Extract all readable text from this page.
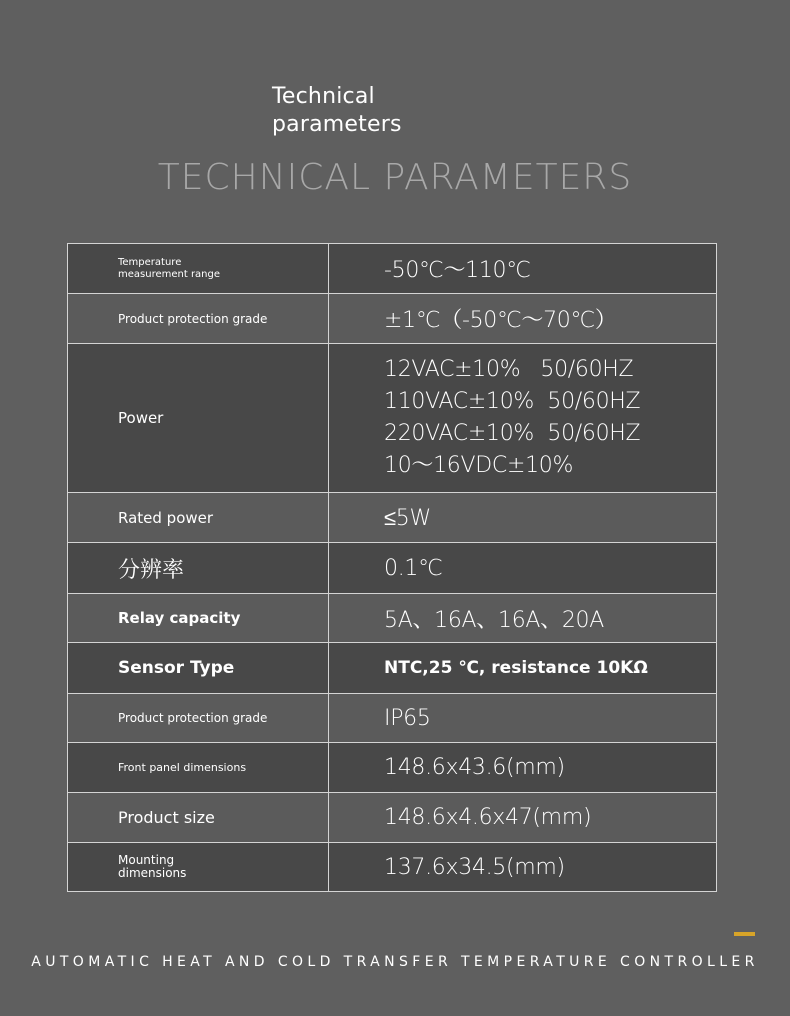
Technical
parameters
TECHNICAL PARAMETERS
Temperature
measurement range	-50℃～110℃
Product protection grade	±1℃（-50℃～70℃）
Power	12VAC±10%   50/60HZ
110VAC±10%  50/60HZ
220VAC±10%  50/60HZ
10～16VDC±10%

Rated power	≤5W
分辨率	0.1℃
Relay capacity	5A、16A、16A、20A
Sensor Type	NTC,25 ℃, resistance 10KΩ
Product protection grade	IP65
Front panel dimensions	148.6x43.6(mm)
Product size	148.6x4.6x47(mm)

Mounting
dimensions	137.6x34.5(mm)
AUTOMATIC HEAT AND COLD TRANSFER TEMPERATURE CONTROLLER
